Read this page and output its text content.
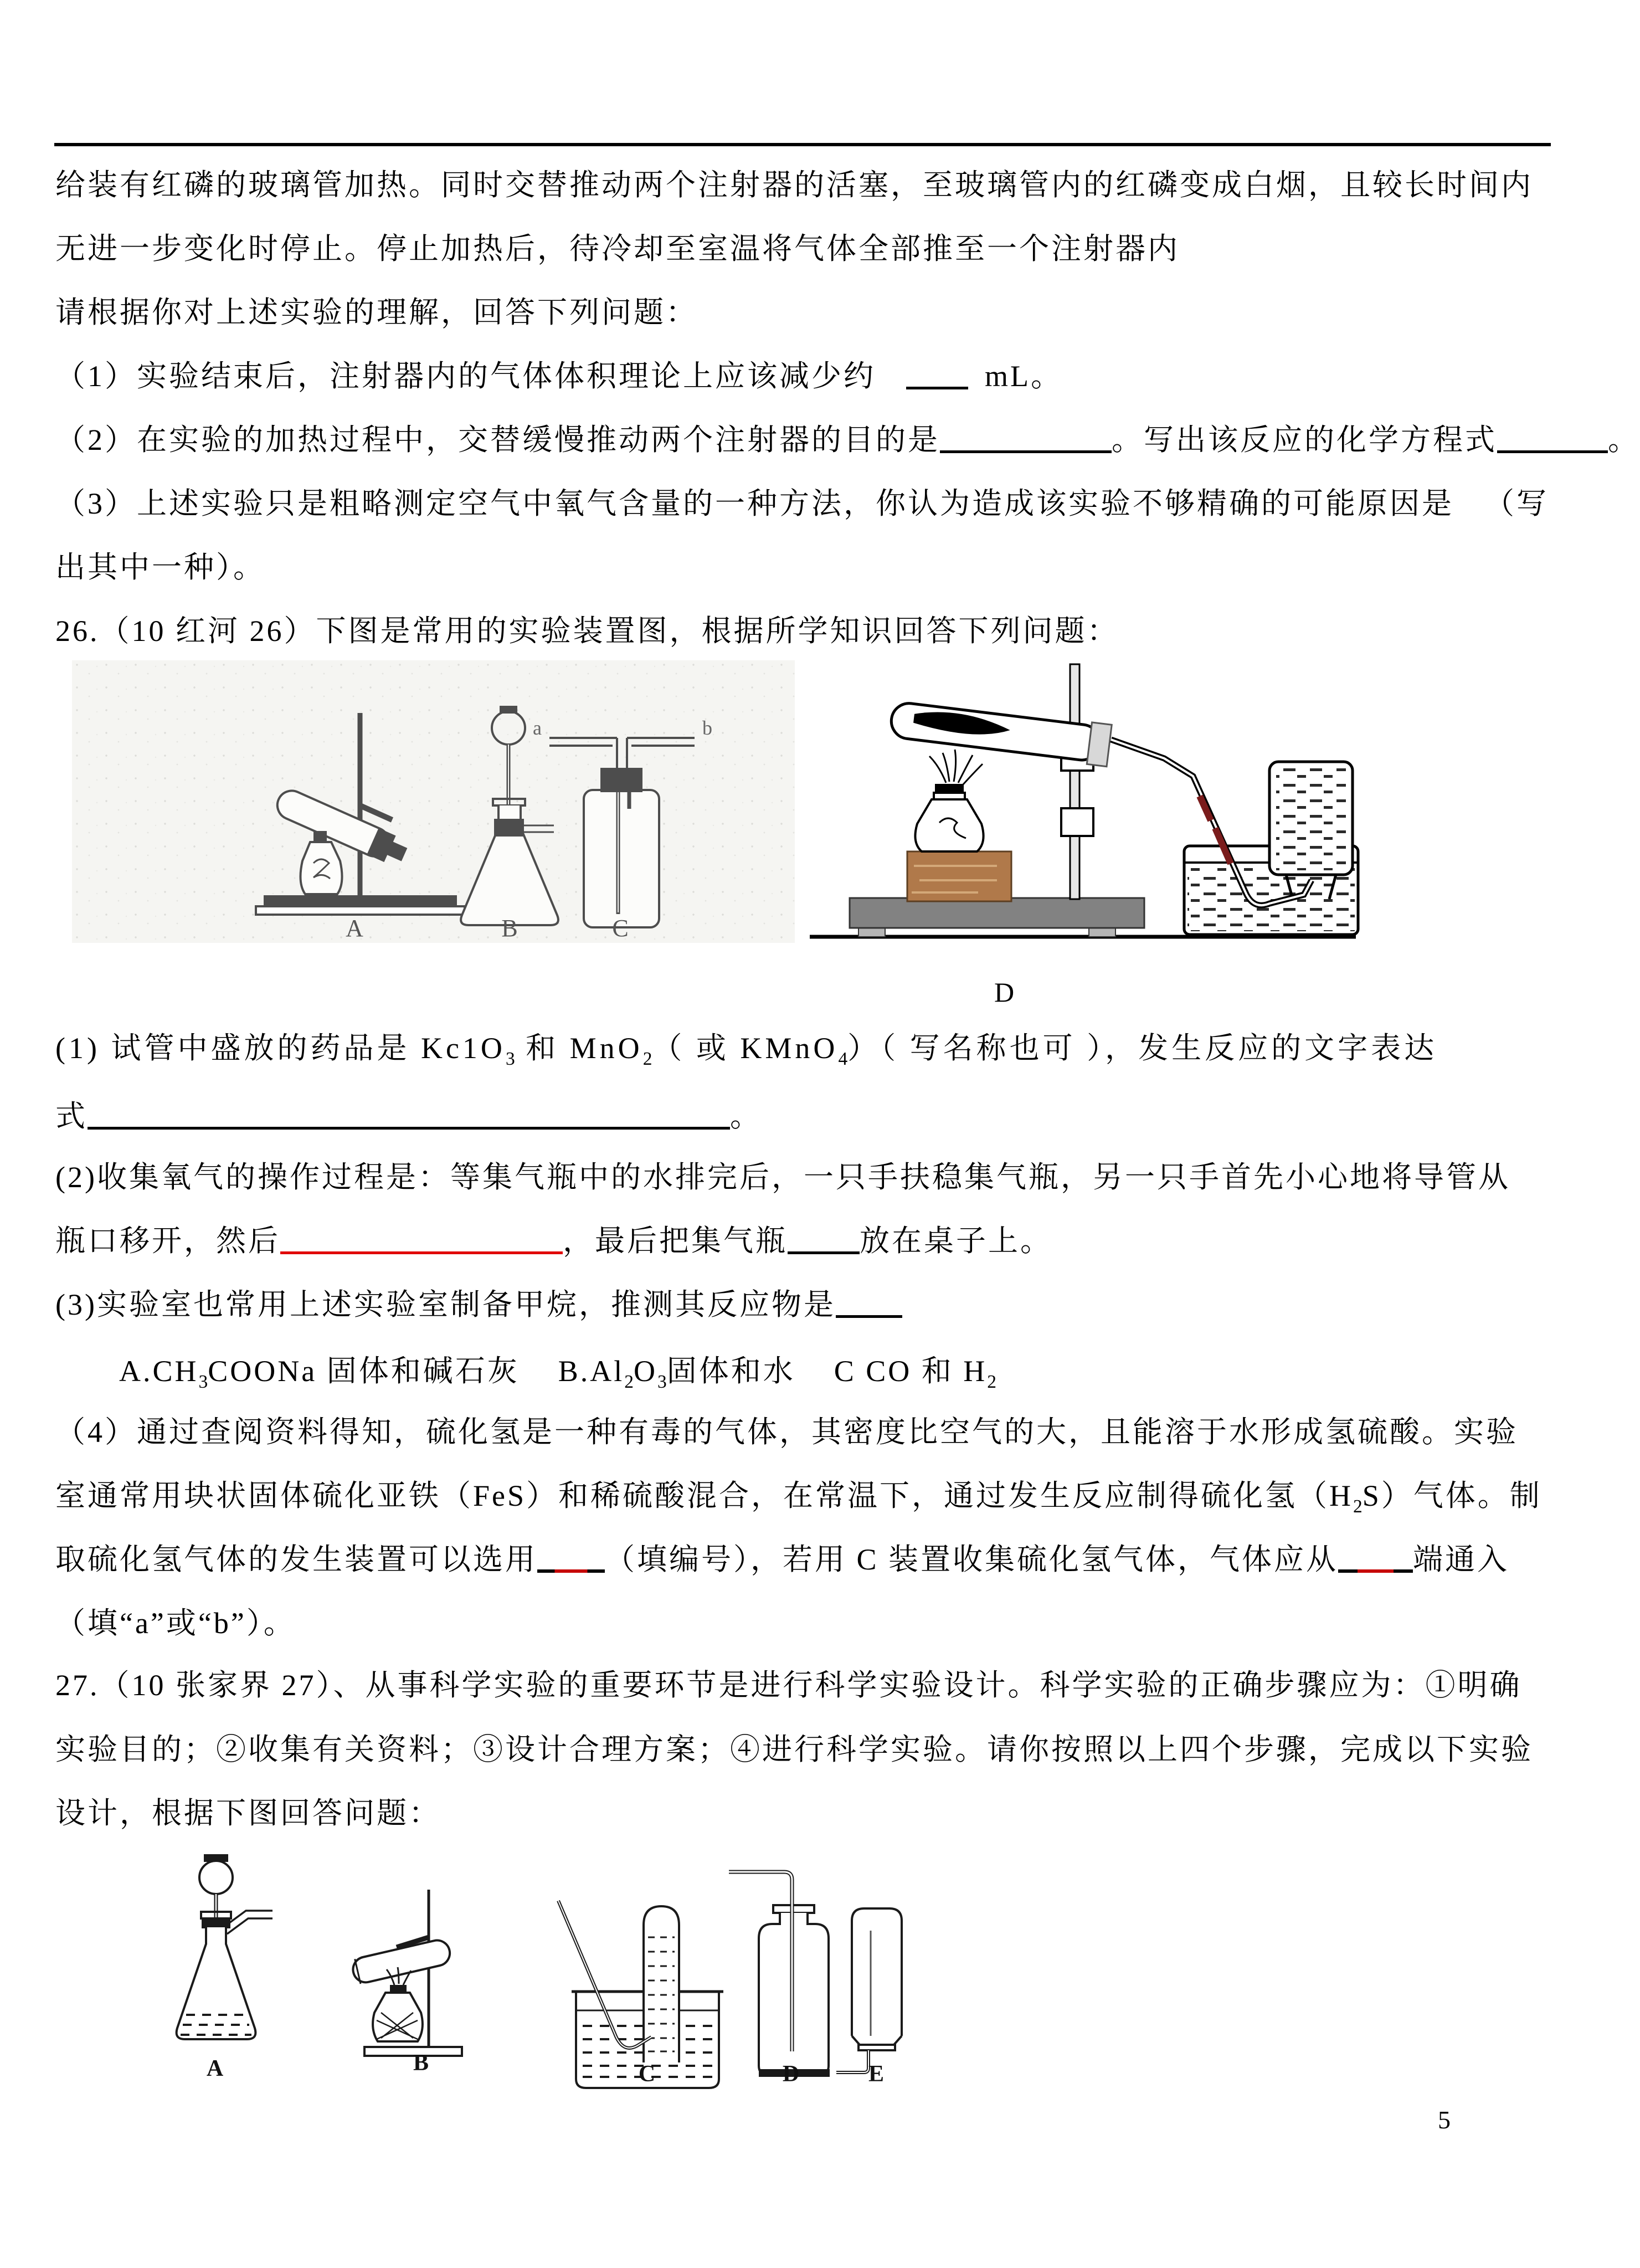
给装有红磷的玻璃管加热。同时交替推动两个注射器的活塞，至玻璃管内的红磷变成白烟，且较长时间内
无进一步变化时停止。停止加热后，待冷却至室温将气体全部推至一个注射器内
请根据你对上述实验的理解，回答下列问题：
（1）实验结束后，注射器内的气体体积理论上应该减少约	mL。
（2）在实验的加热过程中，交替缓慢推动两个注射器的目的是	。写出该反应的化学方程式	。
（3）上述实验只是粗略测定空气中氧气含量的一种方法，你认为造成该实验不够精确的可能原因是 （写
出其中一种）。
26.（10 红河 26）下图是常用的实验装置图，根据所学知识回答下列问题：
A	B
a	b
C
D
(1) 试管中盛放的药品是 $Kc1O_3$ 和 MnO$_2$（ 或 KMnO$_4$）（ 写名称也可 ），发生反应的文字表达
式	。
(2)收集氧气的操作过程是：等集气瓶中的水排完后，一只手扶稳集气瓶，另一只手首先小心地将导管从
瓶口移开，然后	，最后把集气瓶 放在桌子上。
(3)实验室也常用上述实验室制备甲烷，推测其反应物是
$A.CH_3COONa$ 固体和碱石灰 $B.Al_2O_3$固体和水 C CO 和 $H_2$
（4）通过查阅资料得知，硫化氢是一种有毒的气体，其密度比空气的大，且能溶于水形成氢硫酸。实验
室通常用块状固体硫化亚铁（FeS）和稀硫酸混合，在常温下，通过发生反应制得硫化氢$(H_2S)$气体。制
取硫化氢气体的发生装置可以选用 （填编号），若用 C 装置收集硫化氢气体，气体应从	端通入
（填“a”或“b”）。
27.（10 张家界 27）、从事科学实验的重要环节是进行科学实验设计。科学实验的正确步骤应为：①明确
实验目的；②收集有关资料；③设计合理方案；④进行科学实验。请你按照以上四个步骤，完成以下实验
设计，根据下图回答问题：
A	B	C	D	E
5
